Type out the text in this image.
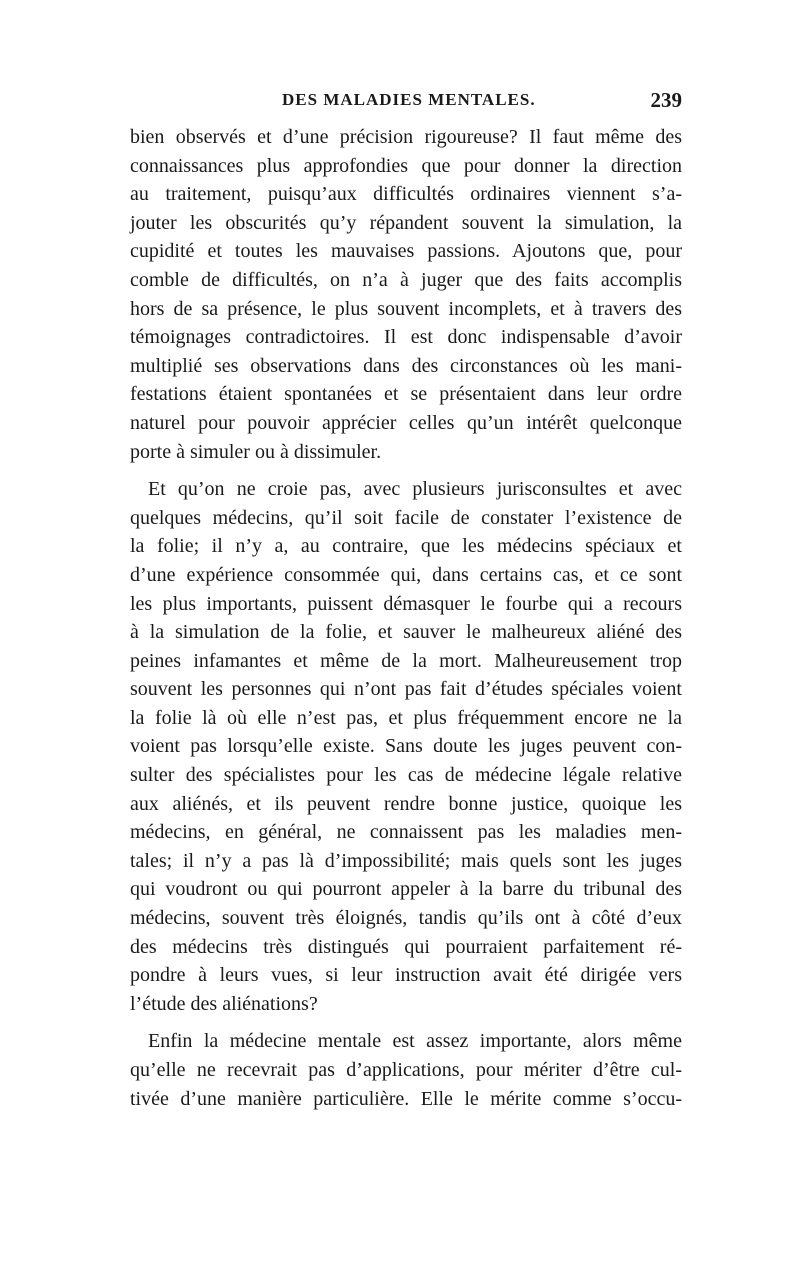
DES MALADIES MENTALES.	239
bien observés et d’une précision rigoureuse? Il faut même des
connaissances plus approfondies que pour donner la direction
au traitement, puisqu’aux difficultés ordinaires viennent s’a-
jouter les obscurités qu’y répandent souvent la simulation, la
cupidité et toutes les mauvaises passions. Ajoutons que, pour
comble de difficultés, on n’a à juger que des faits accomplis
hors de sa présence, le plus souvent incomplets, et à travers des
témoignages contradictoires. Il est donc indispensable d’avoir
multiplié ses observations dans des circonstances où les mani-
festations étaient spontanées et se présentaient dans leur ordre
naturel pour pouvoir apprécier celles qu’un intérêt quelconque
porte à simuler ou à dissimuler.
Et qu’on ne croie pas, avec plusieurs jurisconsultes et avec
quelques médecins, qu’il soit facile de constater l’existence de
la folie; il n’y a, au contraire, que les médecins spéciaux et
d’une expérience consommée qui, dans certains cas, et ce sont
les plus importants, puissent démasquer le fourbe qui a recours
à la simulation de la folie, et sauver le malheureux aliéné des
peines infamantes et même de la mort. Malheureusement trop
souvent les personnes qui n’ont pas fait d’études spéciales voient
la folie là où elle n’est pas, et plus fréquemment encore ne la
voient pas lorsqu’elle existe. Sans doute les juges peuvent con-
sulter des spécialistes pour les cas de médecine légale relative
aux aliénés, et ils peuvent rendre bonne justice, quoique les
médecins, en général, ne connaissent pas les maladies men-
tales; il n’y a pas là d’impossibilité; mais quels sont les juges
qui voudront ou qui pourront appeler à la barre du tribunal des
médecins, souvent très éloignés, tandis qu’ils ont à côté d’eux
des médecins très distingués qui pourraient parfaitement ré-
pondre à leurs vues, si leur instruction avait été dirigée vers
l’étude des aliénations?
Enfin la médecine mentale est assez importante, alors même
qu’elle ne recevrait pas d’applications, pour mériter d’être cul-
tivée d’une manière particulière. Elle le mérite comme s’occu-
